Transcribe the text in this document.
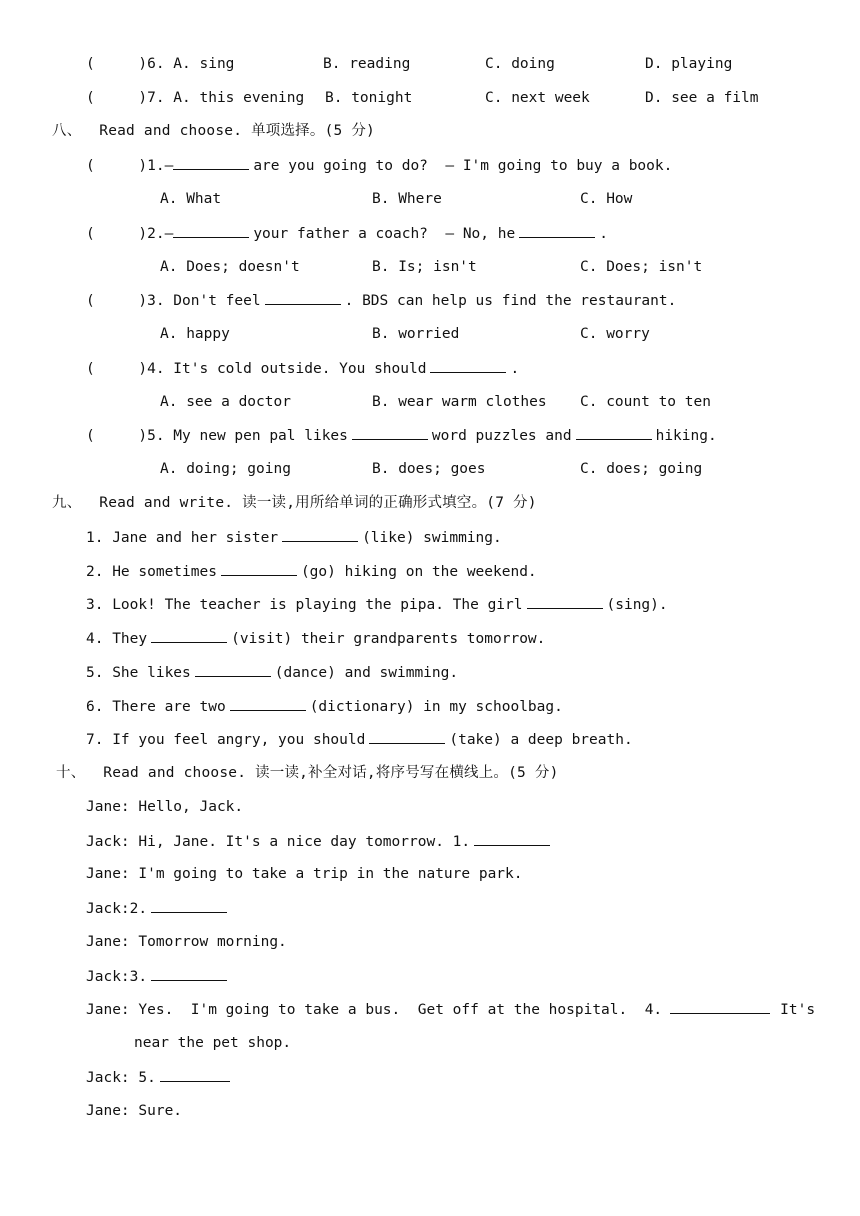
(     )6. A. sing

	B. reading

	C. doing

	D. playing

(     )7. A. this evening

B. tonight

	C. next week

	D. see a film

八、  Read and choose. 单项选择。(5 分)

(     )1.—	are you going to do?  — I'm going to buy a book.

A. What

	B. Where

	C. How

(     )2.—	your father a coach?  — No, he	.

A. Does; doesn't

	B. Is; isn't

	C. Does; isn't

(     )3. Don't feel	. BDS can help us find the restaurant.

A. happy

	B. worried

	C. worry

(     )4. It's cold outside. You should	.

A. see a doctor

	B. wear warm clothes

C. count to ten

(     )5. My new pen pal likes	word puzzles and	hiking.

A. doing; going

	B. does; goes

	C. does; going

九、  Read and write. 读一读,用所给单词的正确形式填空。(7 分)

1. Jane and her sister	(like) swimming.

2. He sometimes	(go) hiking on the weekend.

3. Look! The teacher is playing the pipa. The girl	(sing).

4. They	(visit) their grandparents tomorrow.

5. She likes	(dance) and swimming.

6. There are two	(dictionary) in my schoolbag.

7. If you feel angry, you should	(take) a deep breath.

十、  Read and choose. 读一读,补全对话,将序号写在横线上。(5 分)

Jane: Hello, Jack.

Jack: Hi, Jane. It's a nice day tomorrow. 1.

Jane: I'm going to take a trip in the nature park.

Jack:2.

Jane: Tomorrow morning.

Jack:3.

Jane: Yes.  I'm going to take a bus.  Get off at the hospital.  4.	It's

near the pet shop.

Jack: 5.

Jane: Sure.
